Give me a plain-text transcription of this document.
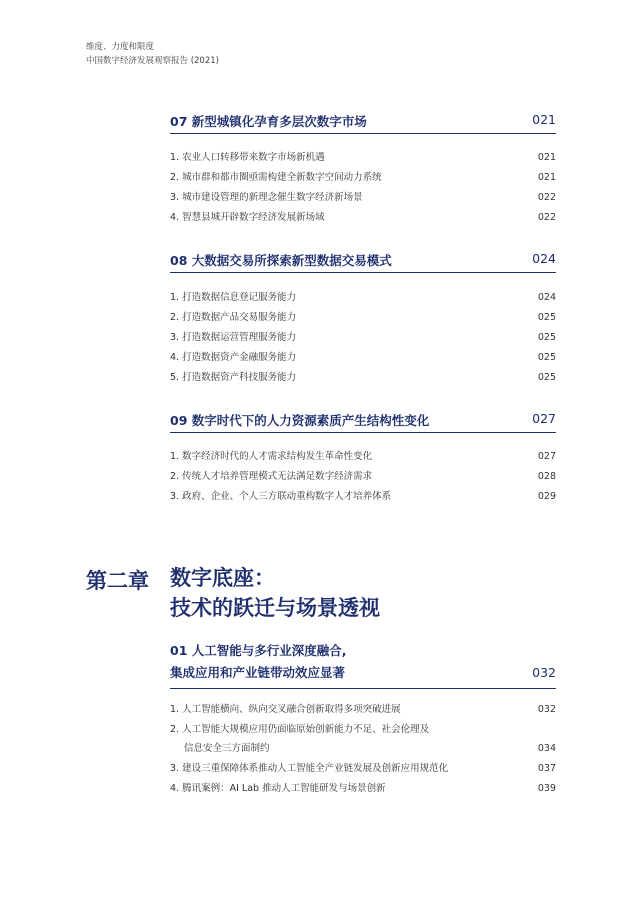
维度、力度和限度
中国数字经济发展观察报告 (2021)
07 新型城镇化孕育多层次数字市场	021
1. 农业人口转移带来数字市场新机遇	021
2. 城市群和都市圈亟需构建全新数字空间动力系统	021
3. 城市建设管理的新理念催生数字经济新场景	022
4. 智慧县城开辟数字经济发展新场域	022
08 大数据交易所探索新型数据交易模式	024
1. 打造数据信息登记服务能力	024
2. 打造数据产品交易服务能力	025
3. 打造数据运营管理服务能力	025
4. 打造数据资产金融服务能力	025
5. 打造数据资产科技服务能力	025
09 数字时代下的人力资源素质产生结构性变化	027
1. 数字经济时代的人才需求结构发生革命性变化	027
2. 传统人才培养管理模式无法满足数字经济需求	028
3. 政府、企业、个人三方联动重构数字人才培养体系	029
第二章 数字底座：
技术的跃迁与场景透视
01 人工智能与多行业深度融合,
集成应用和产业链带动效应显著	032
1. 人工智能横向、纵向交叉融合创新取得多项突破进展	032
2. 人工智能大规模应用仍面临原始创新能力不足、社会伦理及
信息安全三方面制约	034
3. 建设三重保障体系推动人工智能全产业链发展及创新应用规范化	037
4. 腾讯案例：AI Lab 推动人工智能研发与场景创新	039
